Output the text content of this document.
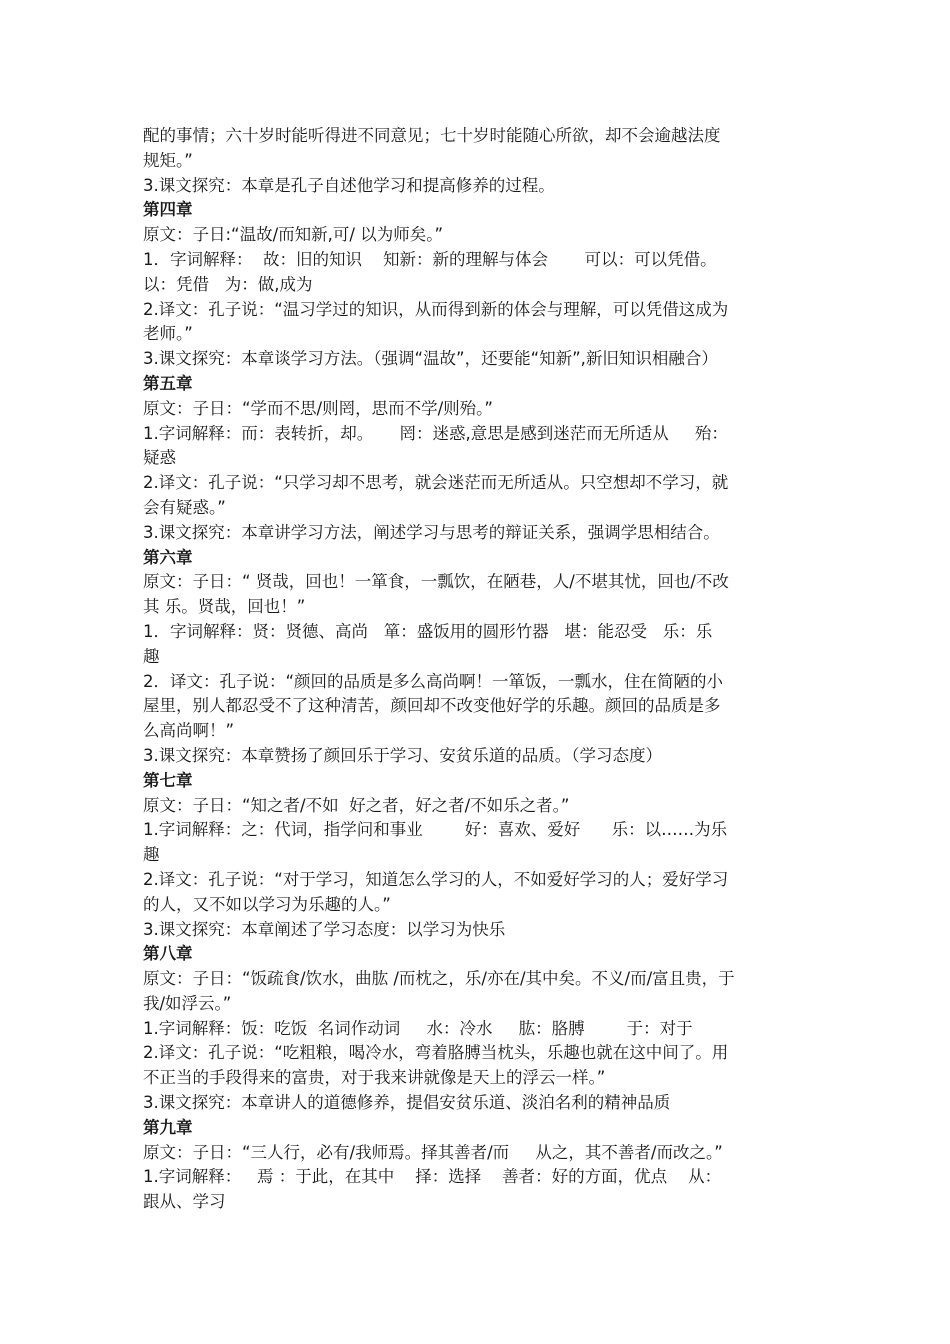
配的事情；六十岁时能听得进不同意见；七十岁时能随心所欲，却不会逾越法度
规矩。”
3.课文探究：本章是孔子自述他学习和提高修养的过程。
第四章
原文：子日:“温故/而知新,可/ 以为师矣。”
1．字词解释：  故：旧的知识    知新：新的理解与体会       可以：可以凭借。
以：凭借   为：做,成为
2.译文：孔子说：“温习学过的知识，从而得到新的体会与理解，可以凭借这成为
老师。”
3.课文探究：本章谈学习方法。（强调“温故”，还要能“知新”,新旧知识相融合）
第五章
原文：子日：“学而不思/则罔，思而不学/则殆。”
1.字词解释：而：表转折，却。     罔：迷惑,意思是感到迷茫而无所适从     殆：
疑惑
2.译文：孔子说：“只学习却不思考，就会迷茫而无所适从。只空想却不学习，就
会有疑惑。”
3.课文探究：本章讲学习方法，阐述学习与思考的辩证关系，强调学思相结合。
第六章
原文：子日：“ 贤哉，回也！一箪食，一瓢饮，在陋巷，人/不堪其忧，回也/不改
其 乐。贤哉，回也！”
1．字词解释：贤：贤德、高尚   箪：盛饭用的圆形竹器   堪：能忍受   乐：乐
趣
2．译文：孔子说：“颜回的品质是多么高尚啊！一箪饭，一瓢水，住在简陋的小
屋里，别人都忍受不了这种清苦，颜回却不改变他好学的乐趣。颜回的品质是多
么高尚啊！”
3.课文探究：本章赞扬了颜回乐于学习、安贫乐道的品质。（学习态度）
第七章
原文：子日：“知之者/不如  好之者，好之者/不如乐之者。”
1.字词解释：之：代词，指学问和事业        好：喜欢、爱好      乐：以……为乐
趣
2.译文：孔子说：“对于学习，知道怎么学习的人，不如爱好学习的人；爱好学习
的人，又不如以学习为乐趣的人。”
3.课文探究：本章阐述了学习态度：以学习为快乐
第八章
原文：子日：“饭疏食/饮水，曲肱 /而枕之，乐/亦在/其中矣。不义/而/富且贵，于
我/如浮云。”
1.字词解释：饭：吃饭  名词作动词     水：冷水     肱：胳膊        于：对于
2.译文：孔子说：“吃粗粮，喝冷水，弯着胳膊当枕头，乐趣也就在这中间了。用
不正当的手段得来的富贵，对于我来讲就像是天上的浮云一样。”
3.课文探究：本章讲人的道德修养，提倡安贫乐道、淡泊名利的精神品质
第九章
原文：子日：“三人行，必有/我师焉。择其善者/而     从之，其不善者/而改之。”
1.字词解释：   焉 ：于此，在其中    择：选择    善者：好的方面，优点    从：
跟从、学习
